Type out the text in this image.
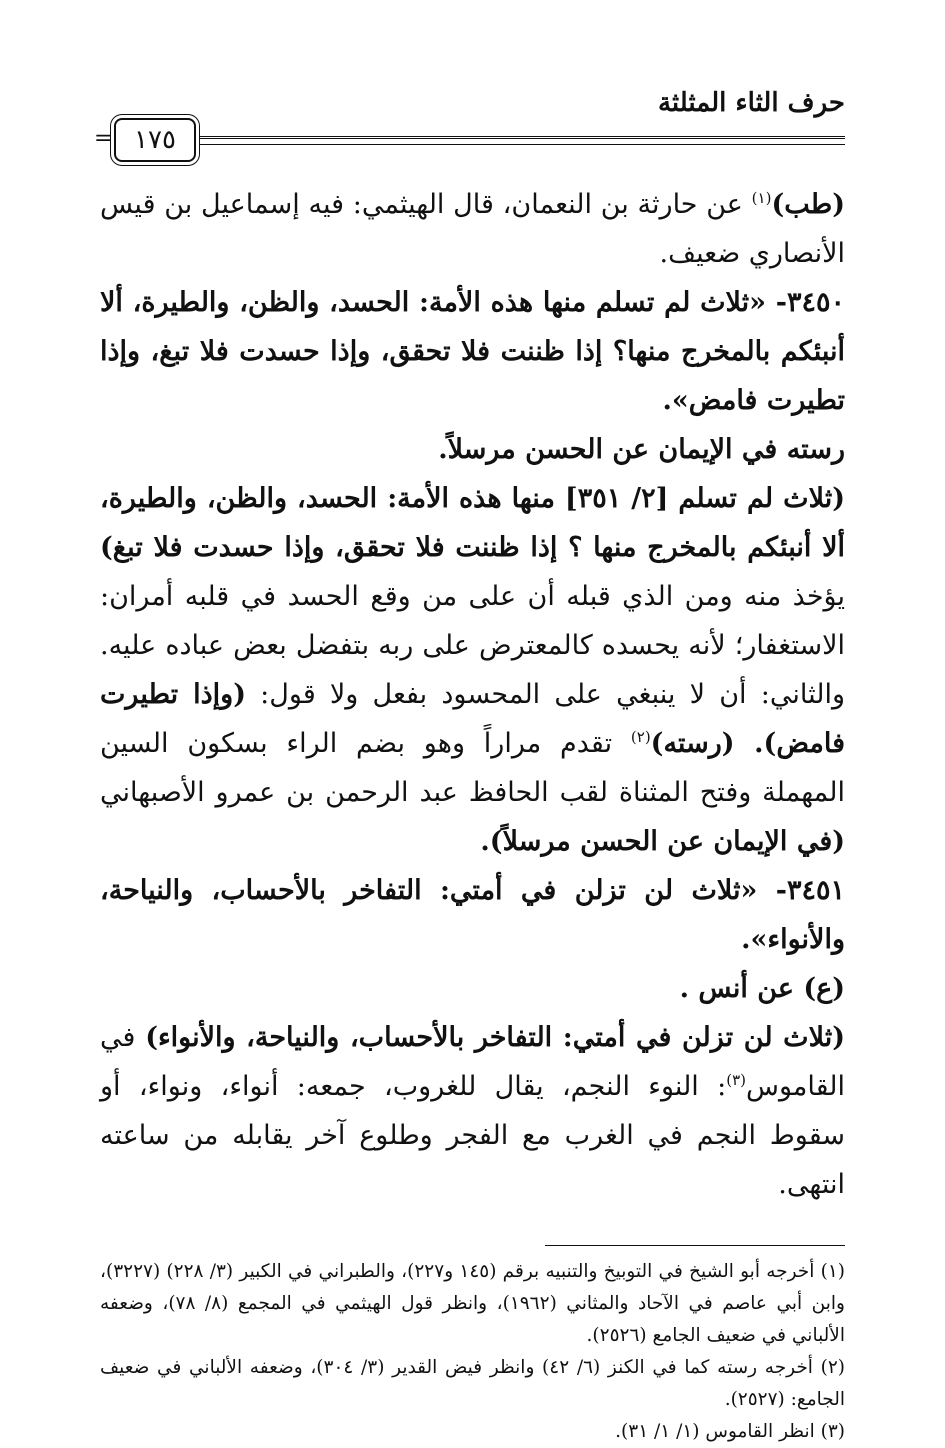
حرف الثاء المثلثة
= ١٧٥

(طب)$^{(١)}$ عن حارثة بن النعمان، قال الهيثمي: فيه إسماعيل بن قيس الأنصاري ضعيف.

٣٤٥٠- «ثلاث لم تسلم منها هذه الأمة: الحسد، والظن، والطيرة، ألا أنبئكم بالمخرج منها؟ إذا ظننت فلا تحقق، وإذا حسدت فلا تبغ، وإذا تطيرت فامض».

رسته في الإيمان عن الحسن مرسلاً.

(ثلاث لم تسلم [٢/ ٣٥١] منها هذه الأمة: الحسد، والظن، والطيرة، ألا أنبئكم بالمخرج منها ؟ إذا ظننت فلا تحقق، وإذا حسدت فلا تبغ) يؤخذ منه ومن الذي قبله أن على من وقع الحسد في قلبه أمران: الاستغفار؛ لأنه يحسده كالمعترض على ربه بتفضل بعض عباده عليه. والثاني: أن لا ينبغي على المحسود بفعل ولا قول: (وإذا تطيرت فامض). (رسته)$^{(٢)}$ تقدم مراراً وهو بضم الراء بسكون السين المهملة وفتح المثناة لقب الحافظ عبد الرحمن بن عمرو الأصبهاني (في الإيمان عن الحسن مرسلاً).

٣٤٥١- «ثلاث لن تزلن في أمتي: التفاخر بالأحساب، والنياحة، والأنواء».

(ع) عن أنس .

(ثلاث لن تزلن في أمتي: التفاخر بالأحساب، والنياحة، والأنواء) في القاموس$^{(٣)}$: النوء النجم، يقال للغروب، جمعه: أنواء، ونواء، أو سقوط النجم في الغرب مع الفجر وطلوع آخر يقابله من ساعته انتهى.

(١) أخرجه أبو الشيخ في التوبيخ والتنبيه برقم (١٤٥ و٢٢٧)، والطبراني في الكبير (٣/ ٢٢٨) (٣٢٢٧)، وابن أبي عاصم في الآحاد والمثاني (١٩٦٢)، وانظر قول الهيثمي في المجمع (٨/ ٧٨)، وضعفه الألباني في ضعيف الجامع (٢٥٢٦).

(٢) أخرجه رسته كما في الكنز (٦/ ٤٢) وانظر فيض القدير (٣/ ٣٠٤)، وضعفه الألباني في ضعيف الجامع: (٢٥٢٧).

(٣) انظر القاموس (١/ ١/ ٣١).
